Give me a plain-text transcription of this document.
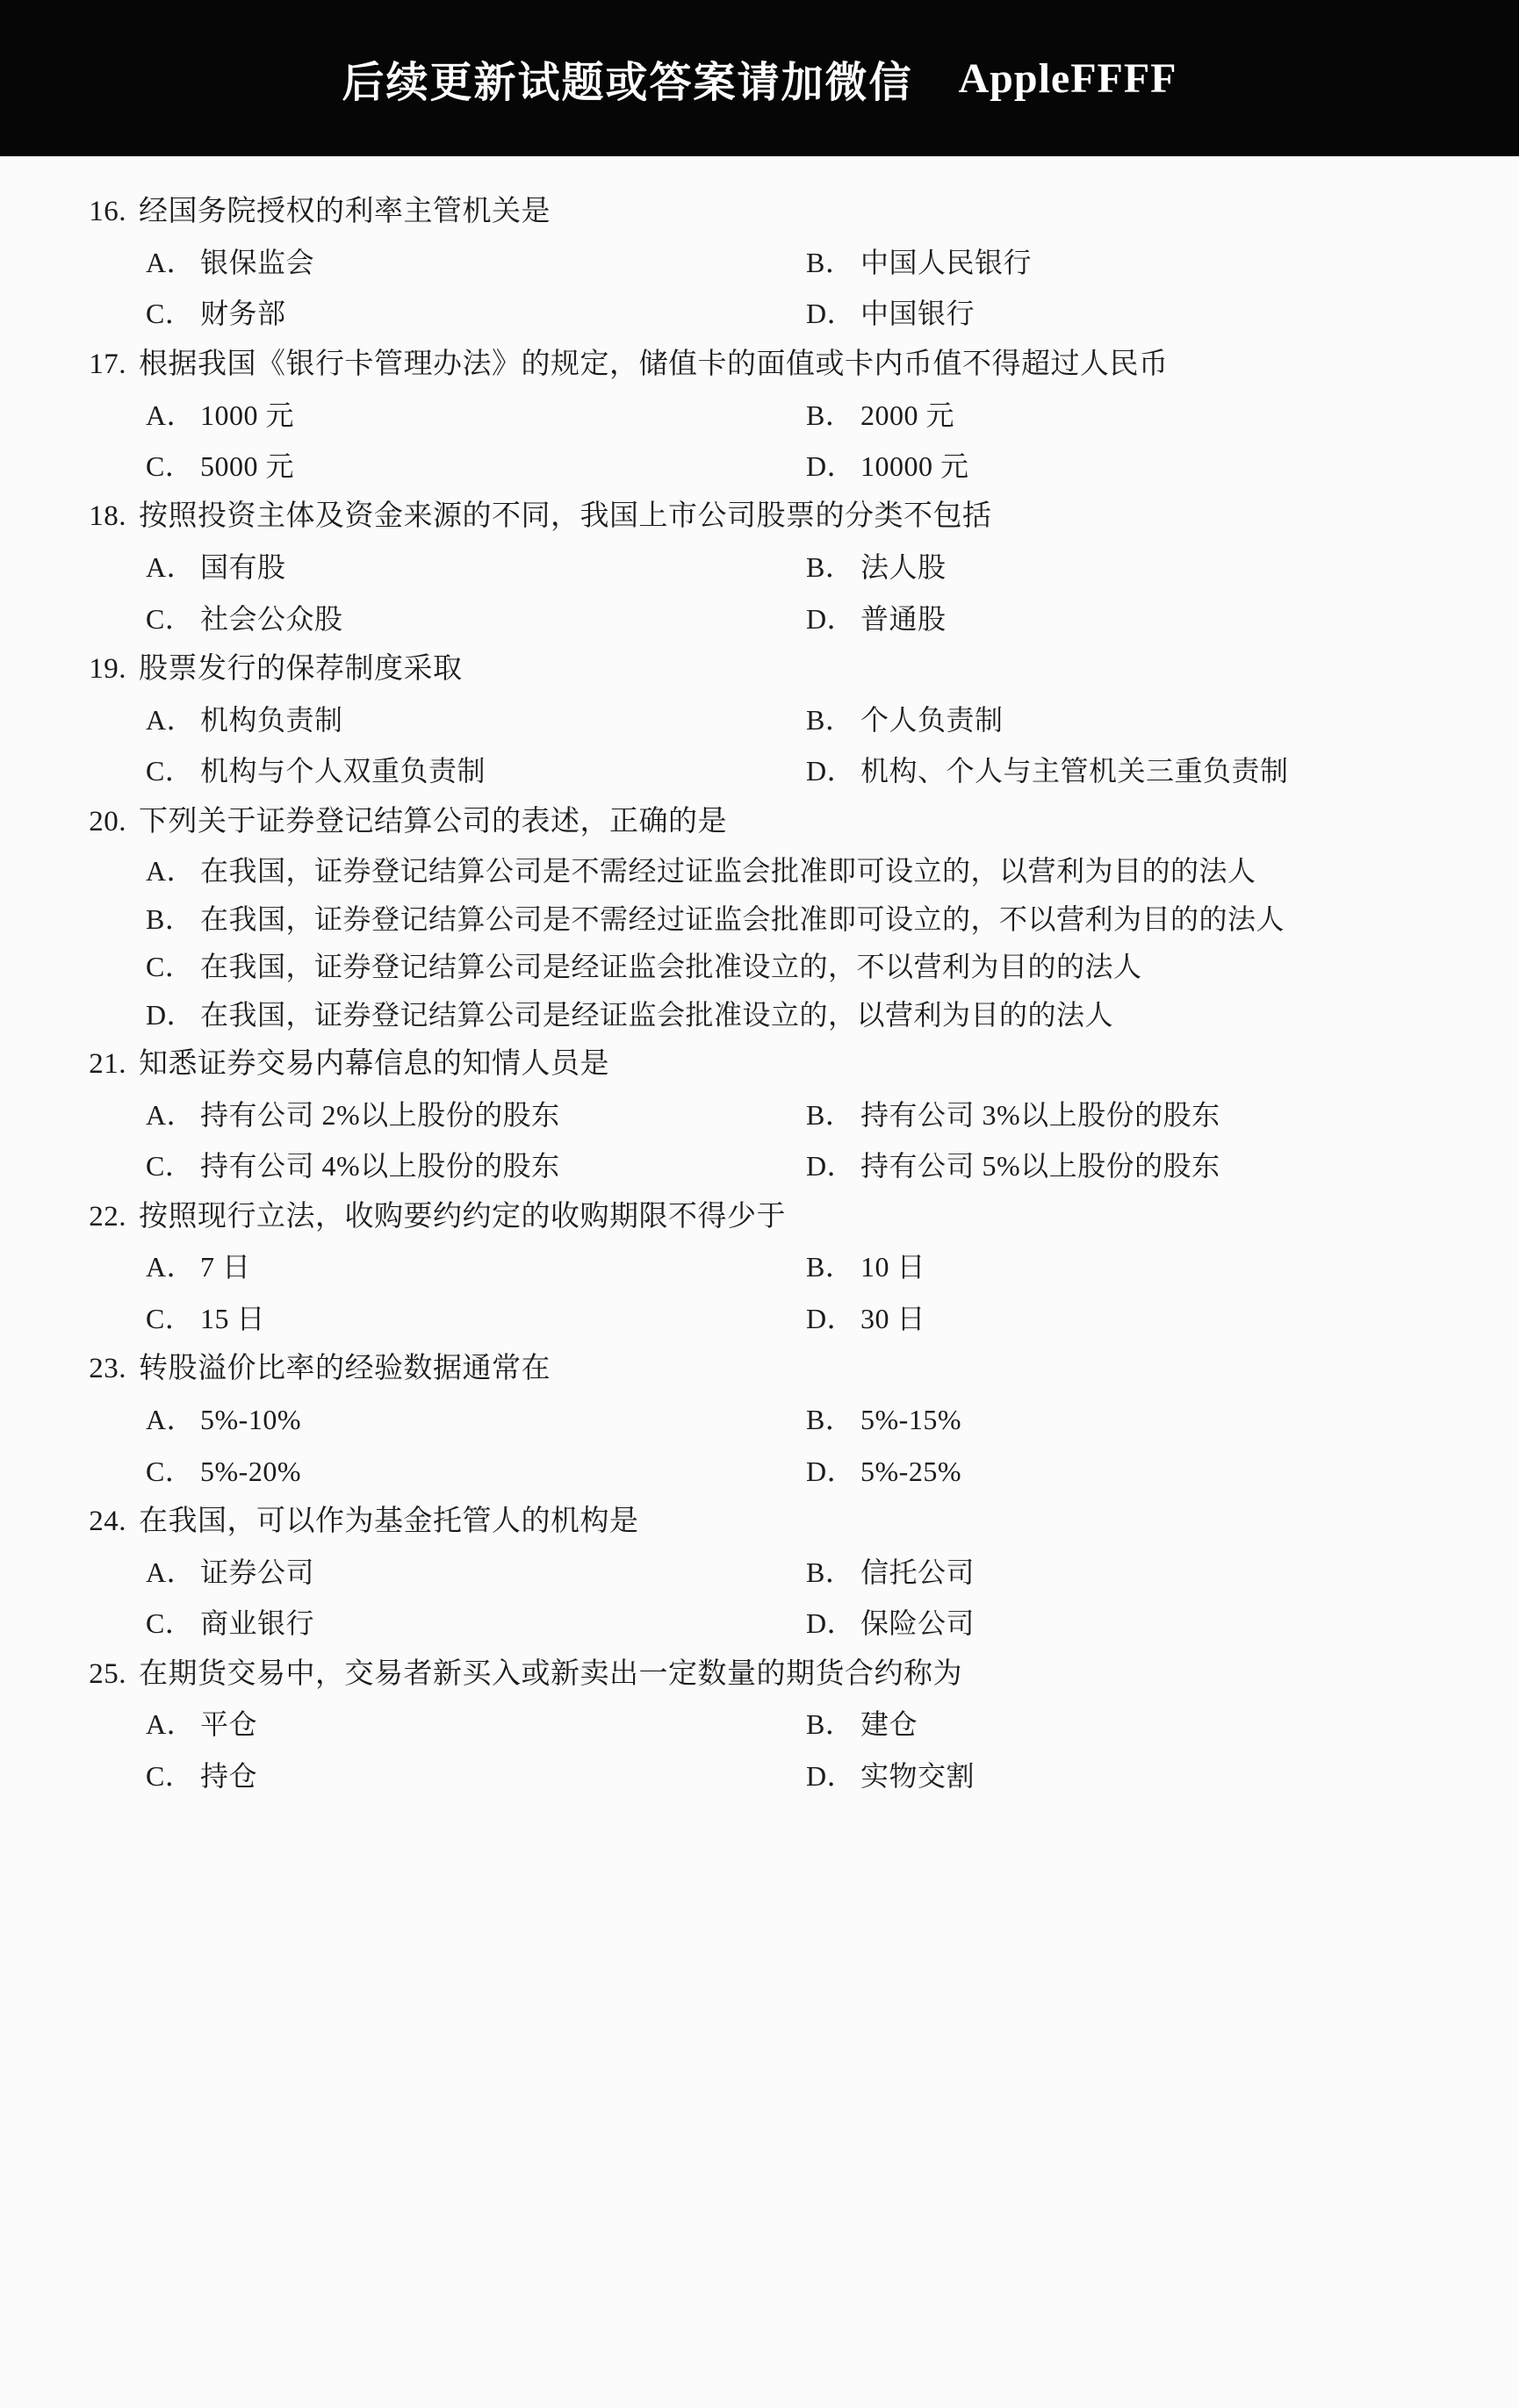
后续更新试题或答案请加微信 AppleFFFF
16. 经国务院授权的利率主管机关是
A． 银保监会	B． 中国人民银行
C． 财务部	D． 中国银行
17. 根据我国《银行卡管理办法》的规定，储值卡的面值或卡内币值不得超过人民币
A． 1000 元	B． 2000 元
C． 5000 元	D． 10000 元
18. 按照投资主体及资金来源的不同，我国上市公司股票的分类不包括
A． 国有股	B． 法人股
C． 社会公众股	D． 普通股
19. 股票发行的保荐制度采取
A． 机构负责制	B． 个人负责制
C． 机构与个人双重负责制	D． 机构、个人与主管机关三重负责制
20. 下列关于证券登记结算公司的表述，正确的是
A． 在我国，证券登记结算公司是不需经过证监会批准即可设立的，以营利为目的的法人
B． 在我国，证券登记结算公司是不需经过证监会批准即可设立的，不以营利为目的的法人
C． 在我国，证券登记结算公司是经证监会批准设立的，不以营利为目的的法人
D． 在我国，证券登记结算公司是经证监会批准设立的，以营利为目的的法人
21. 知悉证券交易内幕信息的知情人员是
A． 持有公司 2%以上股份的股东	B． 持有公司 3%以上股份的股东
C． 持有公司 4%以上股份的股东	D． 持有公司 5%以上股份的股东
22. 按照现行立法，收购要约约定的收购期限不得少于
A． 7 日	B． 10 日
C． 15 日	D． 30 日
23. 转股溢价比率的经验数据通常在
A． 5%-10%	B． 5%-15%
C． 5%-20%	D． 5%-25%
24. 在我国，可以作为基金托管人的机构是
A． 证券公司	B． 信托公司
C． 商业银行	D． 保险公司
25. 在期货交易中，交易者新买入或新卖出一定数量的期货合约称为
A． 平仓	B． 建仓
C． 持仓	D． 实物交割
